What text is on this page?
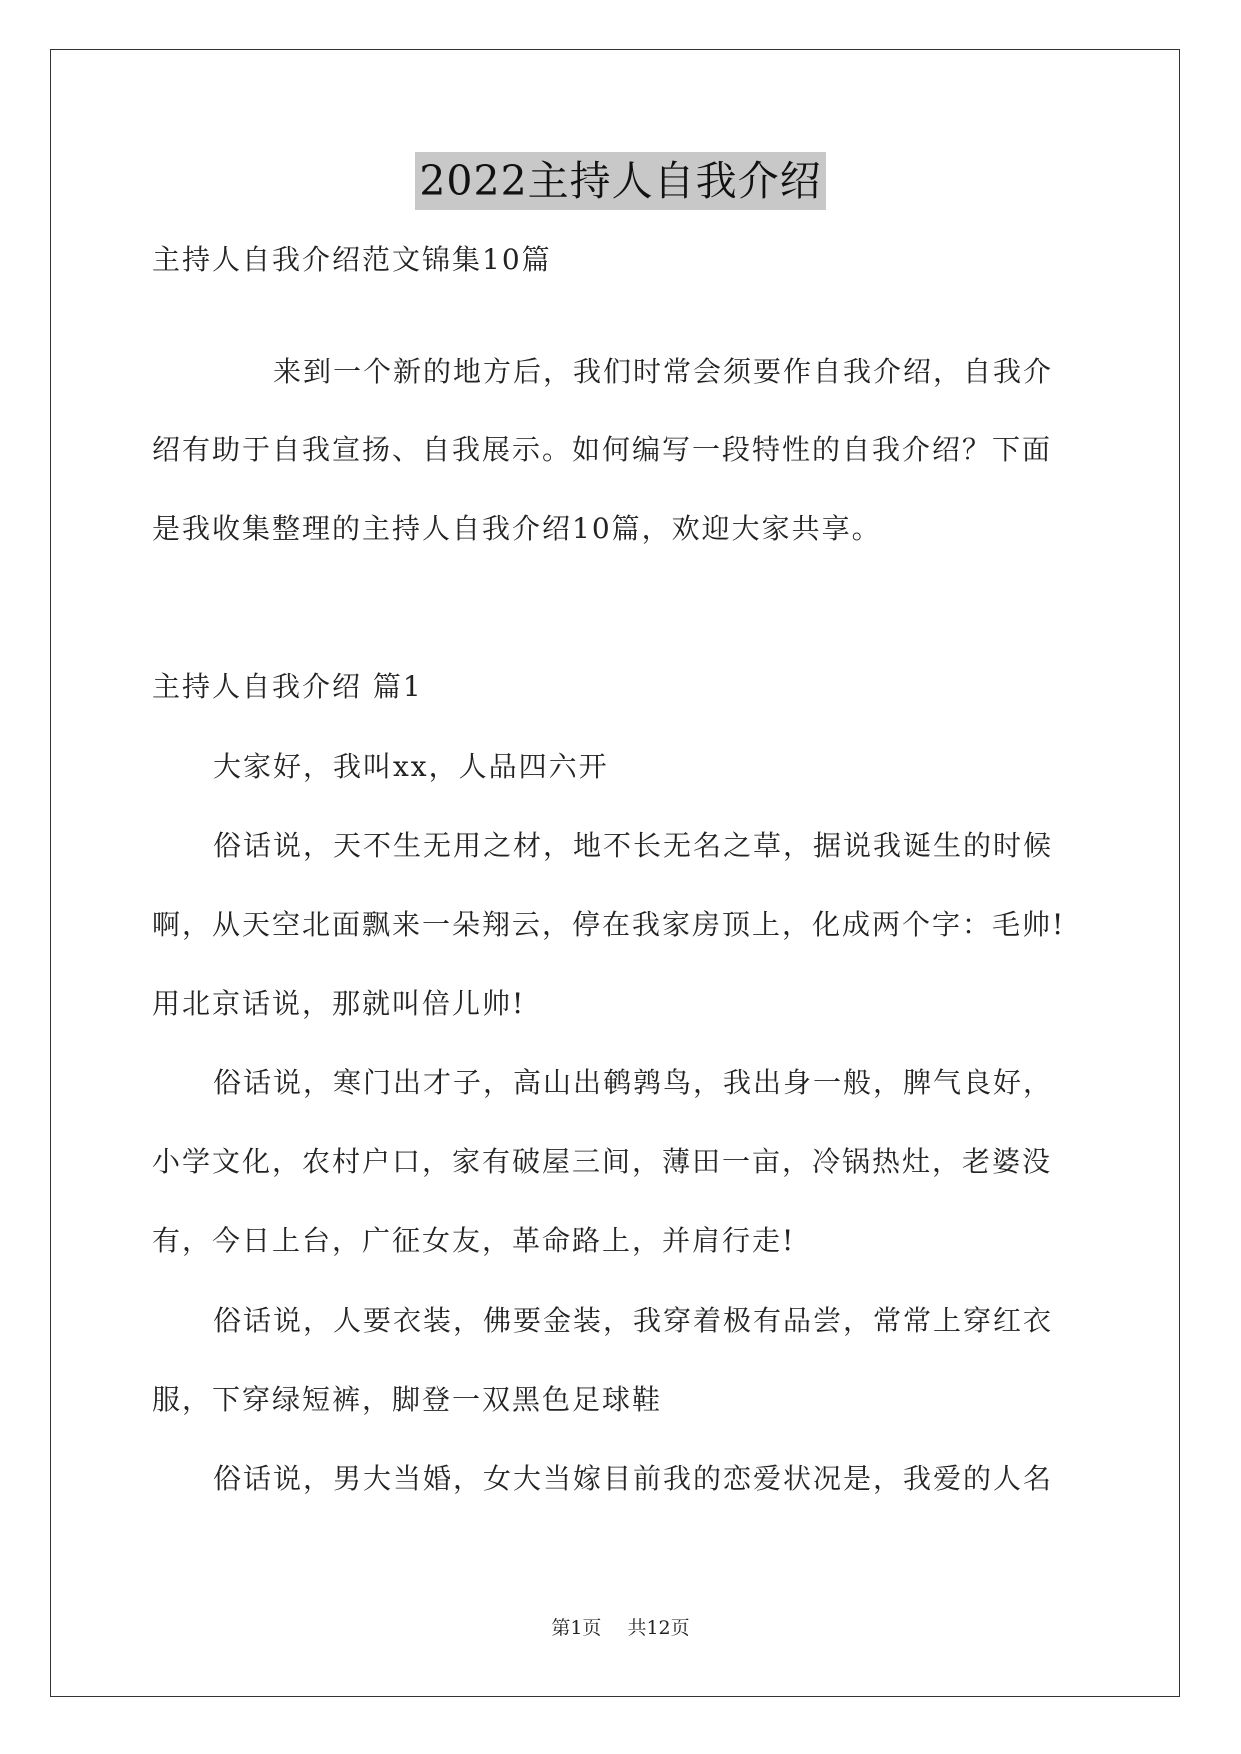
2022主持人自我介绍
主持人自我介绍范文锦集10篇
来到一个新的地方后，我们时常会须要作自我介绍，自我介
绍有助于自我宣扬、自我展示。如何编写一段特性的自我介绍？下面
是我收集整理的主持人自我介绍10篇，欢迎大家共享。
主持人自我介绍 篇1
大家好，我叫xx，人品四六开
俗话说，天不生无用之材，地不长无名之草，据说我诞生的时候
啊，从天空北面飘来一朵翔云，停在我家房顶上，化成两个字：毛帅!
用北京话说，那就叫倍儿帅!
俗话说，寒门出才子，高山出鹌鹑鸟，我出身一般，脾气良好，
小学文化，农村户口，家有破屋三间，薄田一亩，冷锅热灶，老婆没
有，今日上台，广征女友，革命路上，并肩行走!
俗话说，人要衣装，佛要金装，我穿着极有品尝，常常上穿红衣
服，下穿绿短裤，脚登一双黑色足球鞋
俗话说，男大当婚，女大当嫁目前我的恋爱状况是，我爱的人名
第1页 共12页
